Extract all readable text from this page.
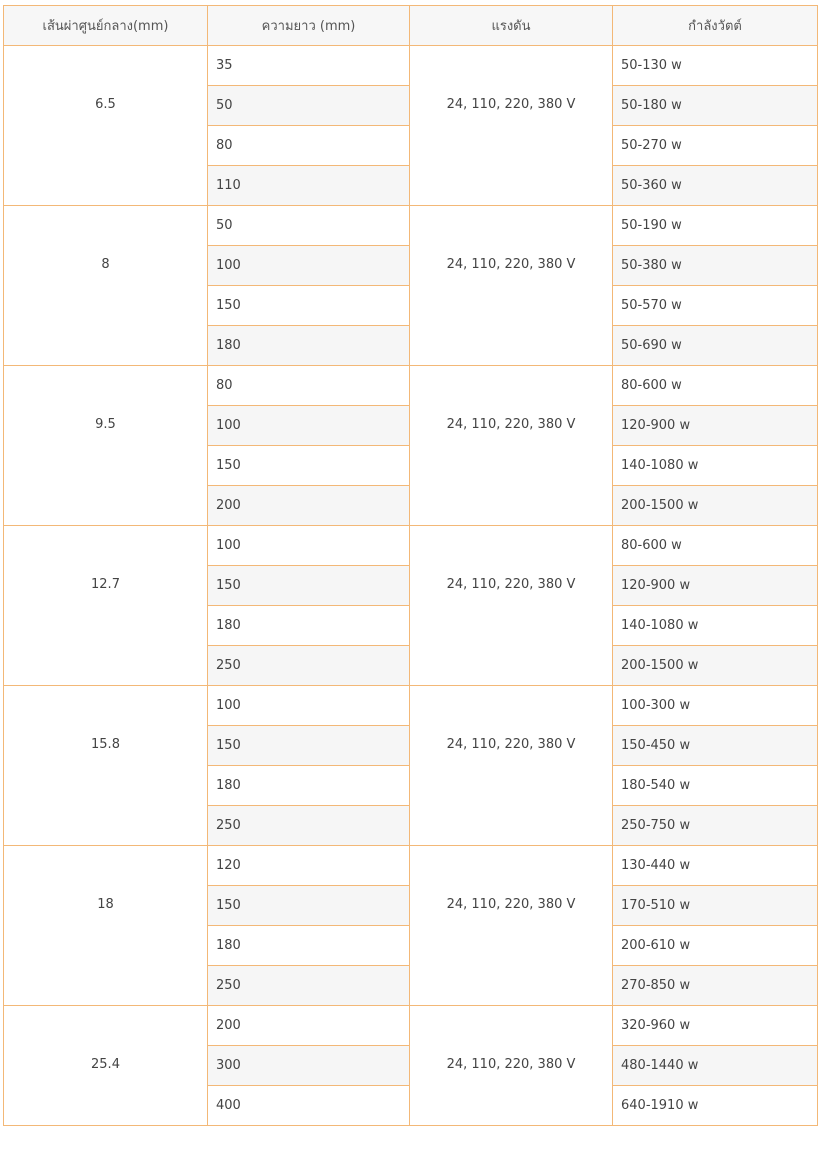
เส้นผ่าศูนย์กลาง(mm)	ความยาว (mm)	แรงดัน	กำลังวัตต์
6.5	35	24, 110, 220, 380 V	50-130 w
	50		50-180 w
	80		50-270 w
	110		50-360 w
8	50	24, 110, 220, 380 V	50-190 w
	100		50-380 w
	150		50-570 w
	180		50-690 w
9.5	80	24, 110, 220, 380 V	80-600 w
	100		120-900 w
	150		140-1080 w
	200		200-1500 w
12.7	100	24, 110, 220, 380 V	80-600 w
	150		120-900 w
	180		140-1080 w
	250		200-1500 w
15.8	100	24, 110, 220, 380 V	100-300 w
	150		150-450 w
	180		180-540 w
	250		250-750 w
18	120	24, 110, 220, 380 V	130-440 w
	150		170-510 w
	180		200-610 w
	250		270-850 w
25.4	200	24, 110, 220, 380 V	320-960 w
	300		480-1440 w
	400		640-1910 w
